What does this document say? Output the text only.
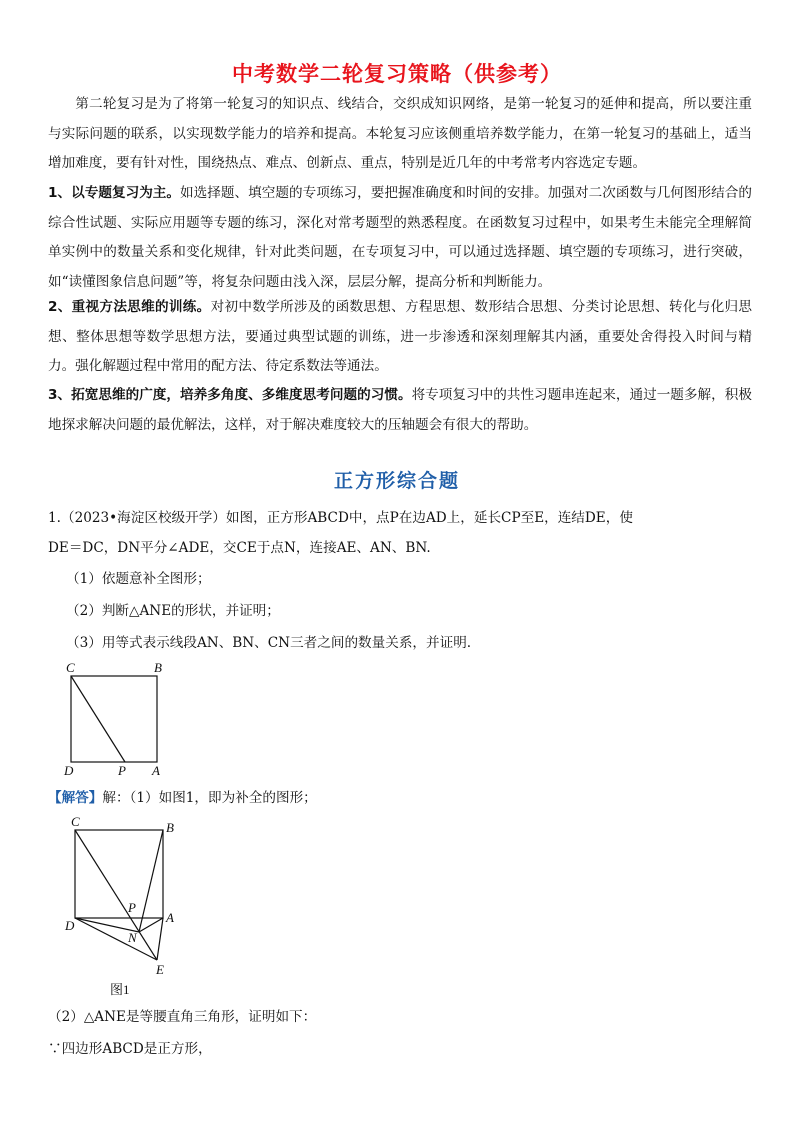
中考数学二轮复习策略（供参考）
第二轮复习是为了将第一轮复习的知识点、线结合，交织成知识网络，是第一轮复习的延伸和提高，所以要注重与实际问题的联系，以实现数学能力的培养和提高。本轮复习应该侧重培养数学能力，在第一轮复习的基础上，适当增加难度，要有针对性，围绕热点、难点、创新点、重点，特别是近几年的中考常考内容选定专题。
1、以专题复习为主。如选择题、填空题的专项练习，要把握准确度和时间的安排。加强对二次函数与几何图形结合的综合性试题、实际应用题等专题的练习，深化对常考题型的熟悉程度。在函数复习过程中，如果考生未能完全理解简单实例中的数量关系和变化规律，针对此类问题，在专项复习中，可以通过选择题、填空题的专项练习，进行突破，如“读懂图象信息问题”等，将复杂问题由浅入深，层层分解，提高分析和判断能力。
2、重视方法思维的训练。对初中数学所涉及的函数思想、方程思想、数形结合思想、分类讨论思想、转化与化归思想、整体思想等数学思想方法，要通过典型试题的训练，进一步渗透和深刻理解其内涵，重要处舍得投入时间与精力。强化解题过程中常用的配方法、待定系数法等通法。
3、拓宽思维的广度，培养多角度、多维度思考问题的习惯。将专项复习中的共性习题串连起来，通过一题多解，积极地探求解决问题的最优解法，这样，对于解决难度较大的压轴题会有很大的帮助。
正方形综合题
1.（2023•海淀区校级开学）如图，正方形ABCD中，点P在边AD上，延长CP至E，连结DE，使
DE＝DC，DN平分∠ADE，交CE于点N，连接AE、AN、BN.
（1）依题意补全图形；
（2）判断△ANE的形状，并证明；
（3）用等式表示线段AN、BN、CN三者之间的数量关系，并证明.
C	B
D	P A
【解答】解：（1）如图1，即为补全的图形；
C	B
D
P
A
N
E
图1
（2）△ANE是等腰直角三角形，证明如下：
∵四边形ABCD是正方形，
